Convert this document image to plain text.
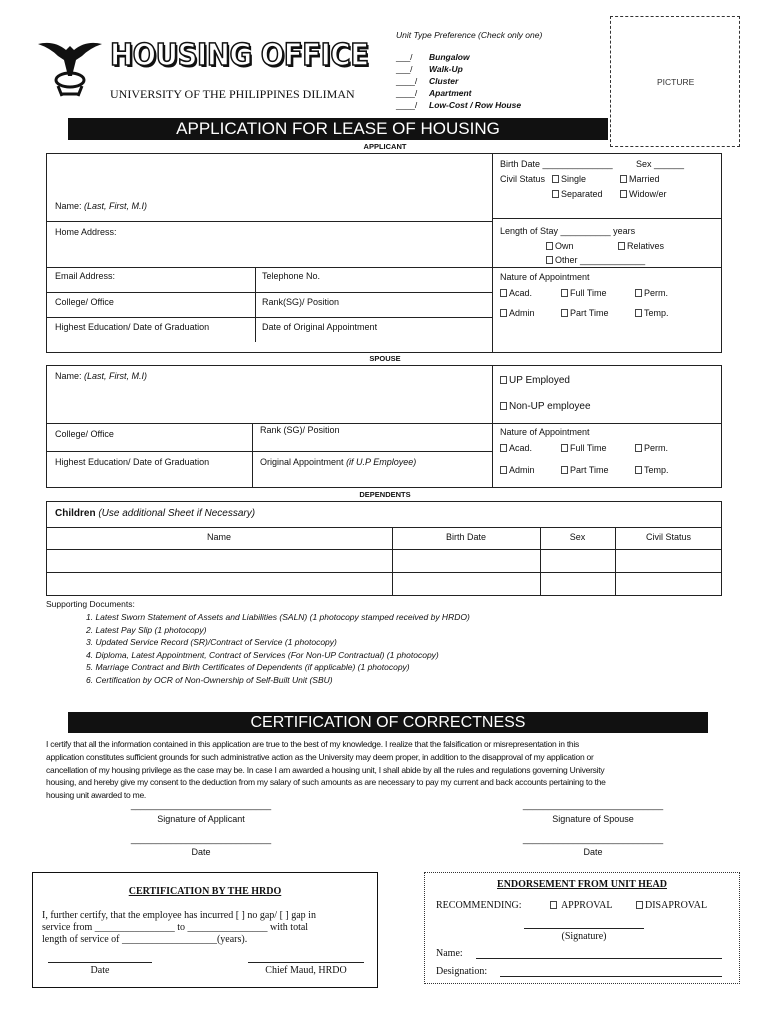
HOUSING OFFICE
UNIVERSITY OF THE PHILIPPINES DILIMAN
Unit Type Preference (Check only one)
___/ Bungalow
___/ Walk-Up
____/ Cluster
____/ Apartment
____/ Low-Cost / Row House
PICTURE
APPLICATION FOR LEASE OF HOUSING
APPLICANT
Birth Date ______________	Sex ______
Civil Status	Single	Married
Separated	Widow/er
Name: (Last, First, M.I)
Home Address:	Length of Stay __________ years
Own	Relatives
Other _____________
Email Address:	Telephone No.	Nature of Appointment
Acad.	Full Time	Perm.
Admin	Part Time	Temp.
College/ Office	Rank(SG)/ Position
Highest Education/ Date of Graduation	Date of Original Appointment
SPOUSE
Name: (Last, First, M.I)	UP Employed
Non-UP employee
College/ Office	Rank (SG)/ Position	Nature of Appointment
Acad.	Full Time	Perm.
Admin	Part Time	Temp.
Highest Education/ Date of Graduation	Original Appointment (if U.P Employee)
DEPENDENTS
Children (Use additional Sheet if Necessary)
Name	Birth Date	Sex	Civil Status
Supporting Documents:
1. Latest Sworn Statement of Assets and Liabilities (SALN) (1 photocopy stamped received by HRDO)
2. Latest Pay Slip (1 photocopy)
3. Updated Service Record (SR)/Contract of Service (1 photocopy)
4. Diploma, Latest Appointment, Contract of Services (For Non-UP Contractual) (1 photocopy)
5. Marriage Contract and Birth Certificates of Dependents (if applicable) (1 photocopy)
6. Certification by OCR of Non-Ownership of Self-Built Unit (SBU)
CERTIFICATION OF CORRECTNESS
I certify that all the information contained in this application are true to the best of my knowledge. I realize that the falsification or misrepresentation in this
application constitutes sufficient grounds for such administrative action as the University may deem proper, in addition to the disapproval of my application or
cancellation of my housing privilege as the case may be. In case I am awarded a housing unit, I shall abide by all the rules and regulations governing University
housing, and hereby give my consent to the deduction from my salary of such amounts as are necessary to pay my current and back accounts pertaining to the
housing unit awarded to me.
____________________________
Signature of Applicant
____________________________
Signature of Spouse
____________________________
Date
____________________________
Date
CERTIFICATION BY THE HRDO
I, further certify, that the employee has incurred [ ] no gap/ [ ] gap in
service from ________________ to ________________ with total
length of service of ___________________(years).
Date	Chief Maud, HRDO
ENDORSEMENT FROM UNIT HEAD
RECOMMENDING:	APPROVAL	DISAPROVAL
(Signature)
Name:
Designation:
